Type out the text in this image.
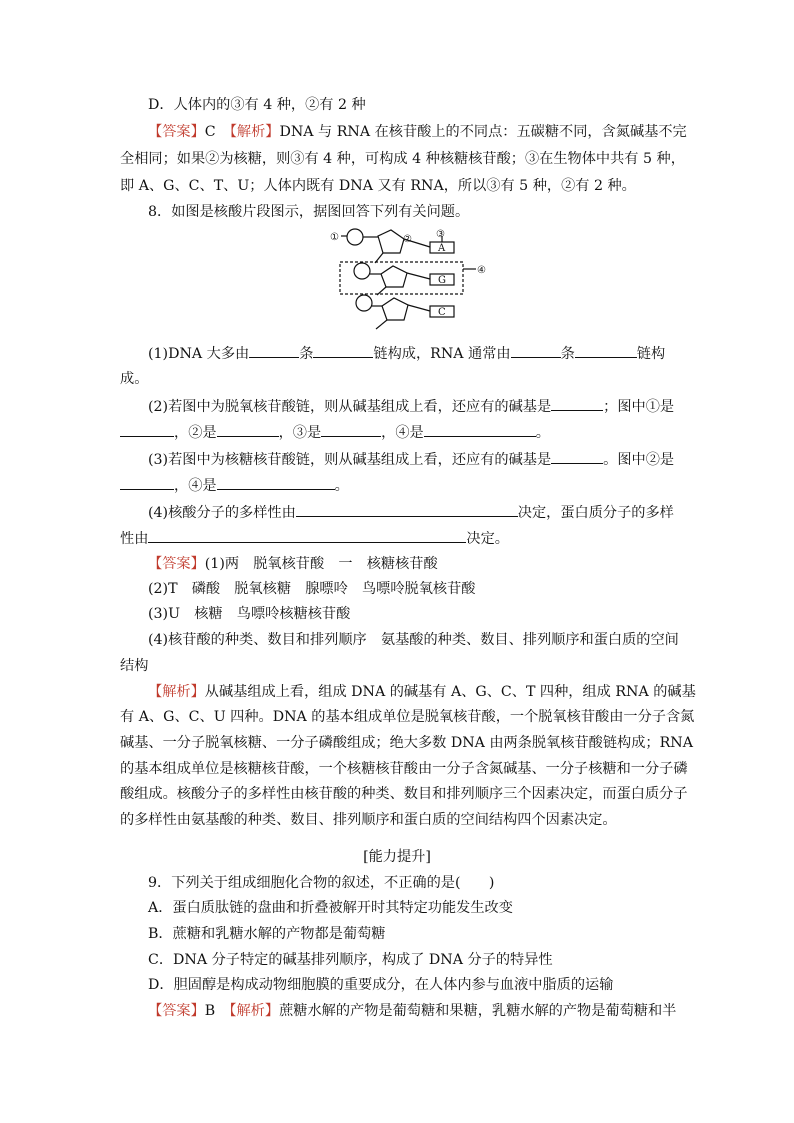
D．人体内的③有 4 种，②有 2 种
【答案】C　 【解析】DNA 与 RNA 在核苷酸上的不同点：五碳糖不同，含氮碱基不完
全相同；如果②为核糖，则③有 4 种，可构成 4 种核糖核苷酸；③在生物体中共有 5 种，
即 A、G、C、T、U；人体内既有 DNA 又有 RNA，所以③有 5 种，②有 2 种。
8．如图是核酸片段图示，据图回答下列有关问题。
①	② ③
④
A
G
C
(1)DNA 大多由	条	链构成，RNA 通常由	条	链构
成。
(2)若图中为脱氧核苷酸链，则从碱基组成上看，还应有的碱基是	；图中①是
，②是	，③是	，④是	。
(3)若图中为核糖核苷酸链，则从碱基组成上看，还应有的碱基是	。图中②是
，④是	。
(4)核酸分子的多样性由	决定，蛋白质分子的多样
性由	决定。
【答案】(1)两　脱氧核苷酸　一　核糖核苷酸
(2)T　磷酸　脱氧核糖　腺嘌呤　鸟嘌呤脱氧核苷酸
(3)U　核糖　鸟嘌呤核糖核苷酸
(4)核苷酸的种类、数目和排列顺序　氨基酸的种类、数目、排列顺序和蛋白质的空间
结构
【解析】从碱基组成上看，组成 DNA 的碱基有 A、G、C、T 四种，组成 RNA 的碱基
有 A、G、C、U 四种。DNA 的基本组成单位是脱氧核苷酸，一个脱氧核苷酸由一分子含氮
碱基、一分子脱氧核糖、一分子磷酸组成；绝大多数 DNA 由两条脱氧核苷酸链构成；RNA
的基本组成单位是核糖核苷酸，一个核糖核苷酸由一分子含氮碱基、一分子核糖和一分子磷
酸组成。核酸分子的多样性由核苷酸的种类、数目和排列顺序三个因素决定，而蛋白质分子
的多样性由氨基酸的种类、数目、排列顺序和蛋白质的空间结构四个因素决定。
[能力提升]
9．下列关于组成细胞化合物的叙述，不正确的是(　　)
A．蛋白质肽链的盘曲和折叠被解开时其特定功能发生改变
B．蔗糖和乳糖水解的产物都是葡萄糖
C．DNA 分子特定的碱基排列顺序，构成了 DNA 分子的特异性
D．胆固醇是构成动物细胞膜的重要成分，在人体内参与血液中脂质的运输
【答案】B　 【解析】蔗糖水解的产物是葡萄糖和果糖，乳糖水解的产物是葡萄糖和半
